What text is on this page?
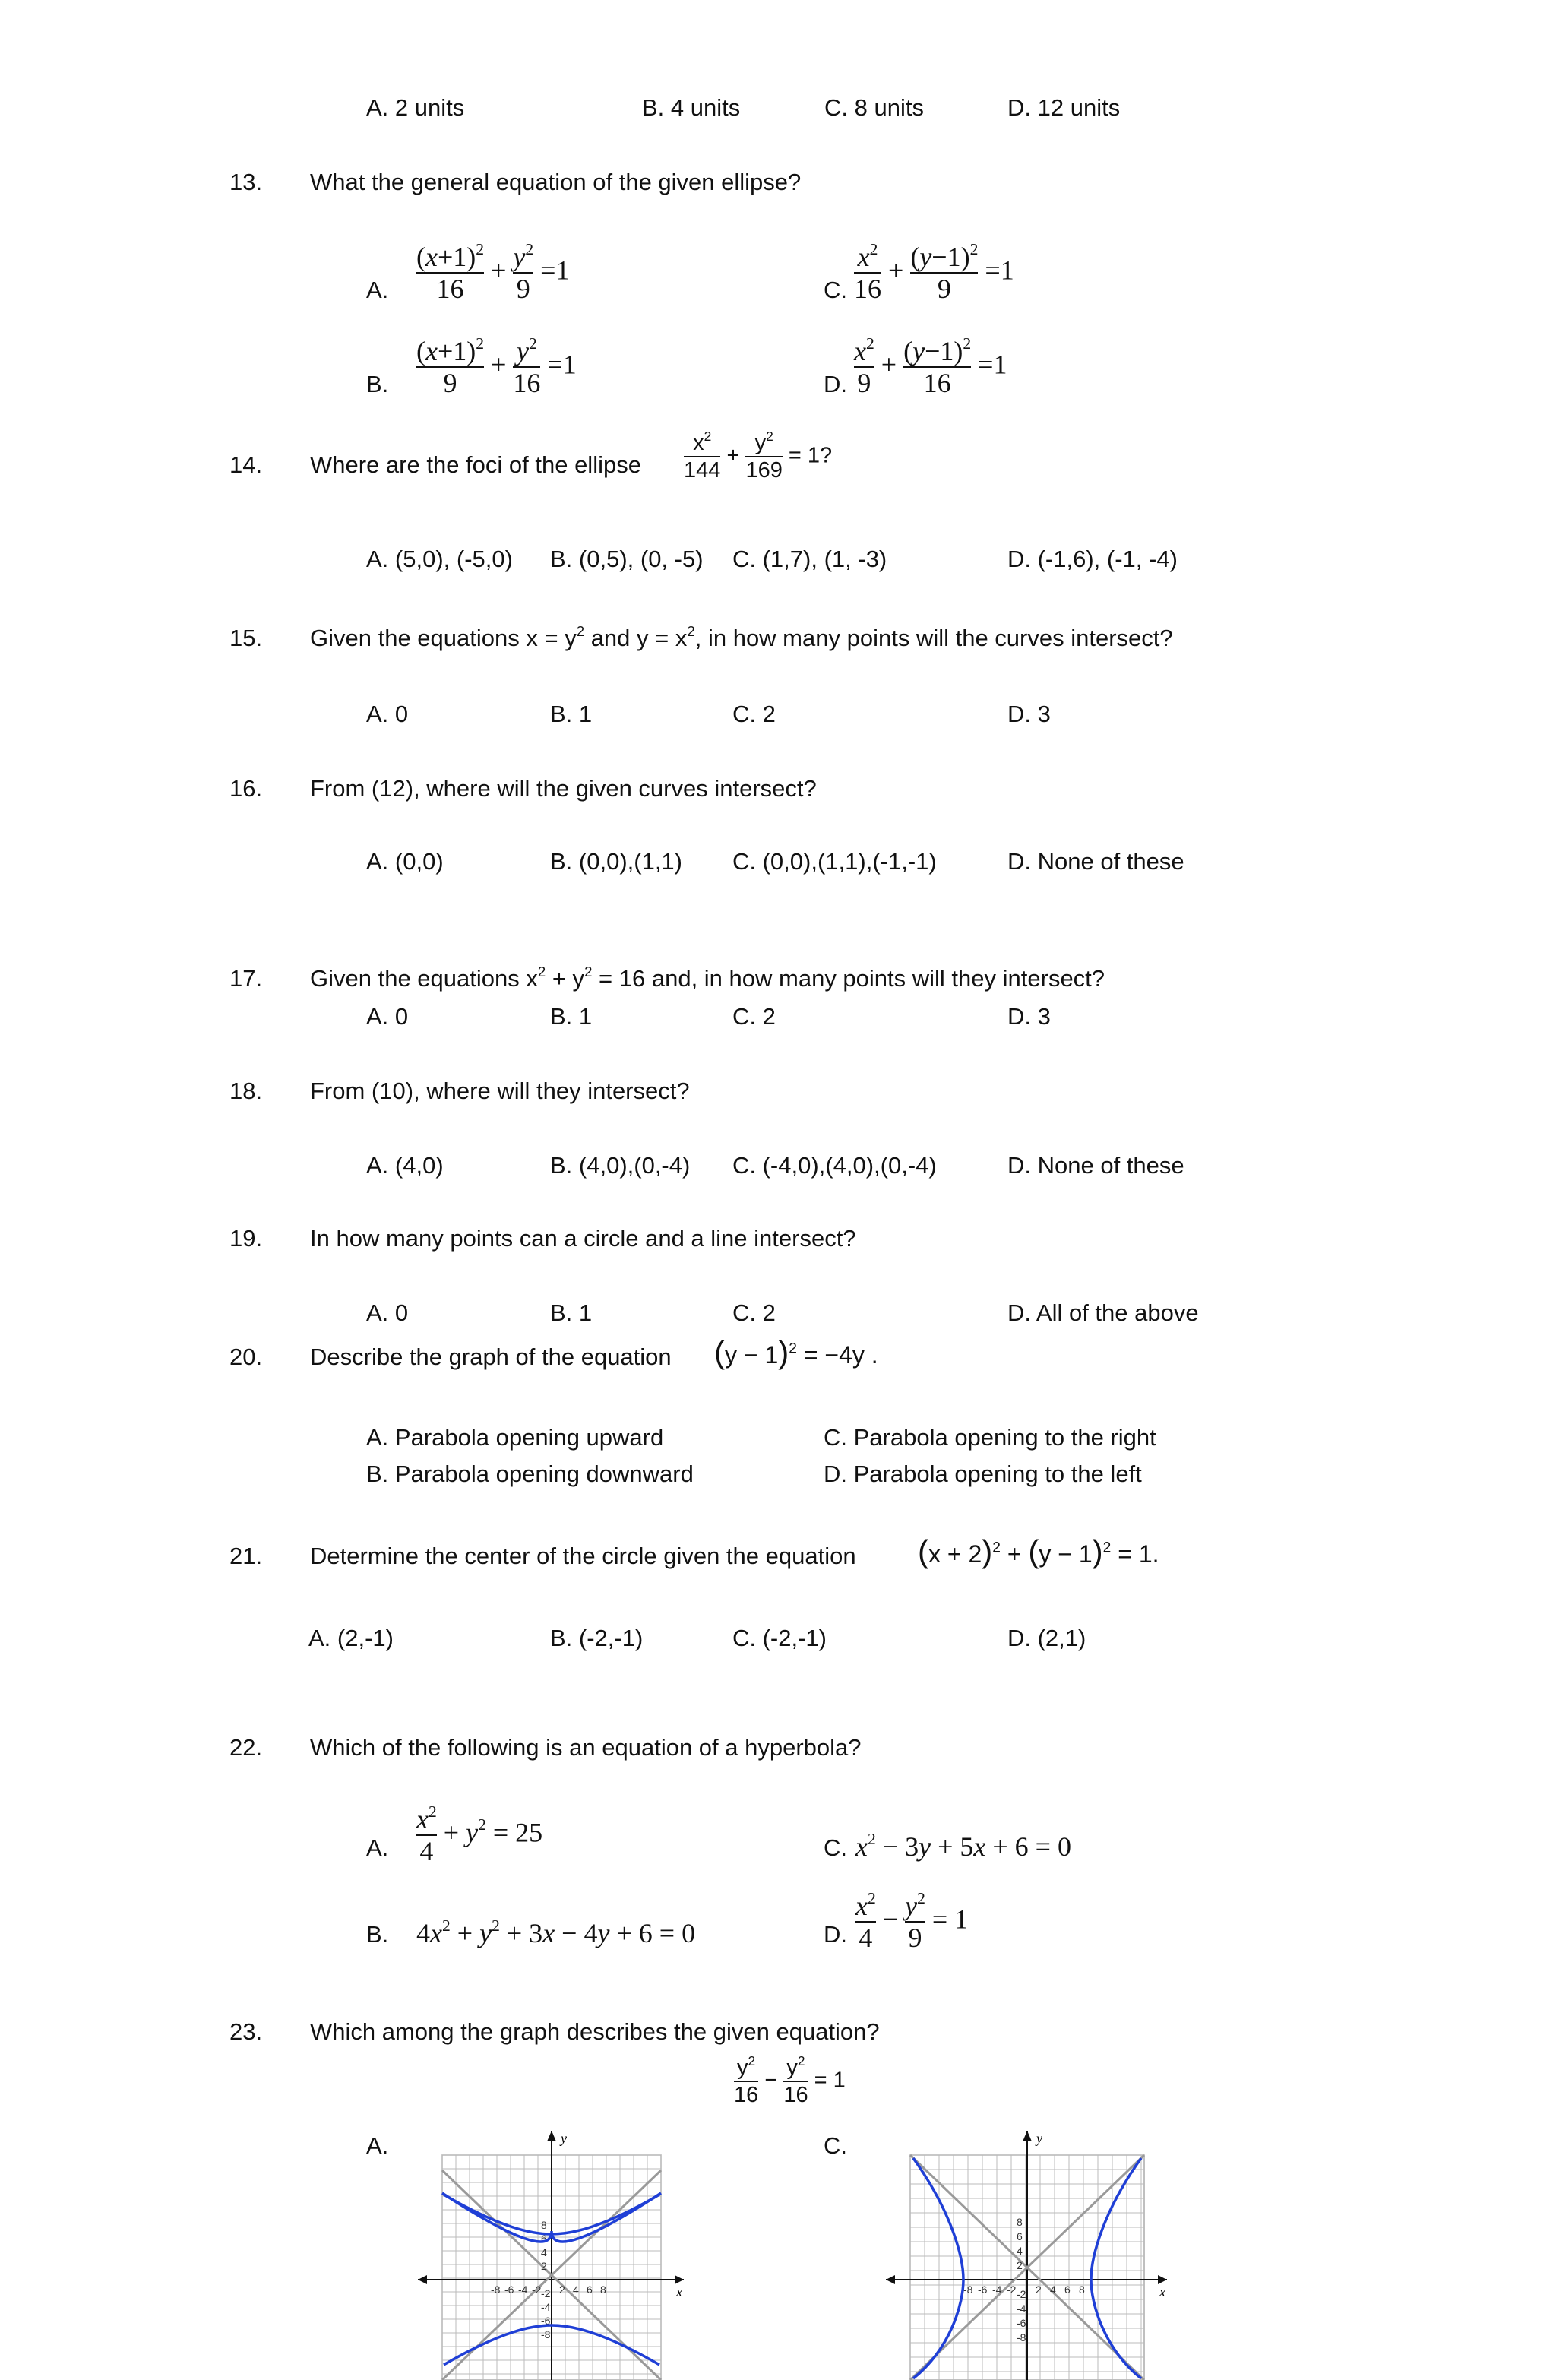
A. 2 units	B. 4 units	C. 8 units	D. 12 units
13. What the general equation of the given ellipse?
A. $\frac{(x+1)^2}{16} + \frac{y^2}{9} =1$
C. $\frac{x^2}{16} + \frac{(y-1)^2}{9} =1$
B. $\frac{(x+1)^2}{9} + \frac{y^2}{16} =1$
D. $\frac{x^2}{9} + \frac{(y-1)^2}{16} =1$
14. Where are the foci of the ellipse $\frac{x^2}{144} + \frac{y^2}{169} = 1$?
A. (5,0), (-5,0) B. (0,5), (0, -5) C. (1,7), (1, -3)	D. (-1,6), (-1, -4)
15. Given the equations $x = y^2$ and $y = x^2$, in how many points will the curves intersect?
A. 0	B. 1	C. 2	D. 3
16. From (12), where will the given curves intersect?
A. (0,0)	B. (0,0),(1,1) C. (0,0),(1,1),(-1,-1)	D. None of these
17. Given the equations $x^2 + y^2 = 16$ and, in how many points will they intersect?
A. 0	B. 1	C. 2	D. 3
18. From (10), where will they intersect?
A. (4,0)	B. (4,0),(0,-4) C. (-4,0),(4,0),(0,-4)	D. None of these
19. In how many points can a circle and a line intersect?
A. 0	B. 1	C. 2	D. All of the above
20. Describe the graph of the equation $(y - 1)^2 = -4y$ .
A. Parabola opening upward
B. Parabola opening downward
C. Parabola opening to the right
D. Parabola opening to the left
21. Determine the center of the circle given the equation $(x + 2)^2 + (y - 1)^2 = 1$.
A. (2,-1)	B. (-2,-1)	C. (-2,-1)	D. (2,1)
22. Which of the following is an equation of a hyperbola?
A. $\frac{x^2}{4} + y^2 = 25$
C. $x^2 - 3y + 5x + 6 = 0$
B. $4x^2 + y^2 + 3x - 4y + 6 = 0$	D. $\frac{x^2}{4} - \frac{y^2}{9} = 1$
23. Which among the graph describes the given equation?
$\frac{y^2}{16} - \frac{y^2}{16} = 1$
A.	C.
x
y
-8
-8
-6
-6
-4
-4
-2 -2 2
2
4
4
6
6
8
8
x
y
-8
-8
-6
-6
-4
-4
-2 -2 2
2
4
4
6
6
8
8
